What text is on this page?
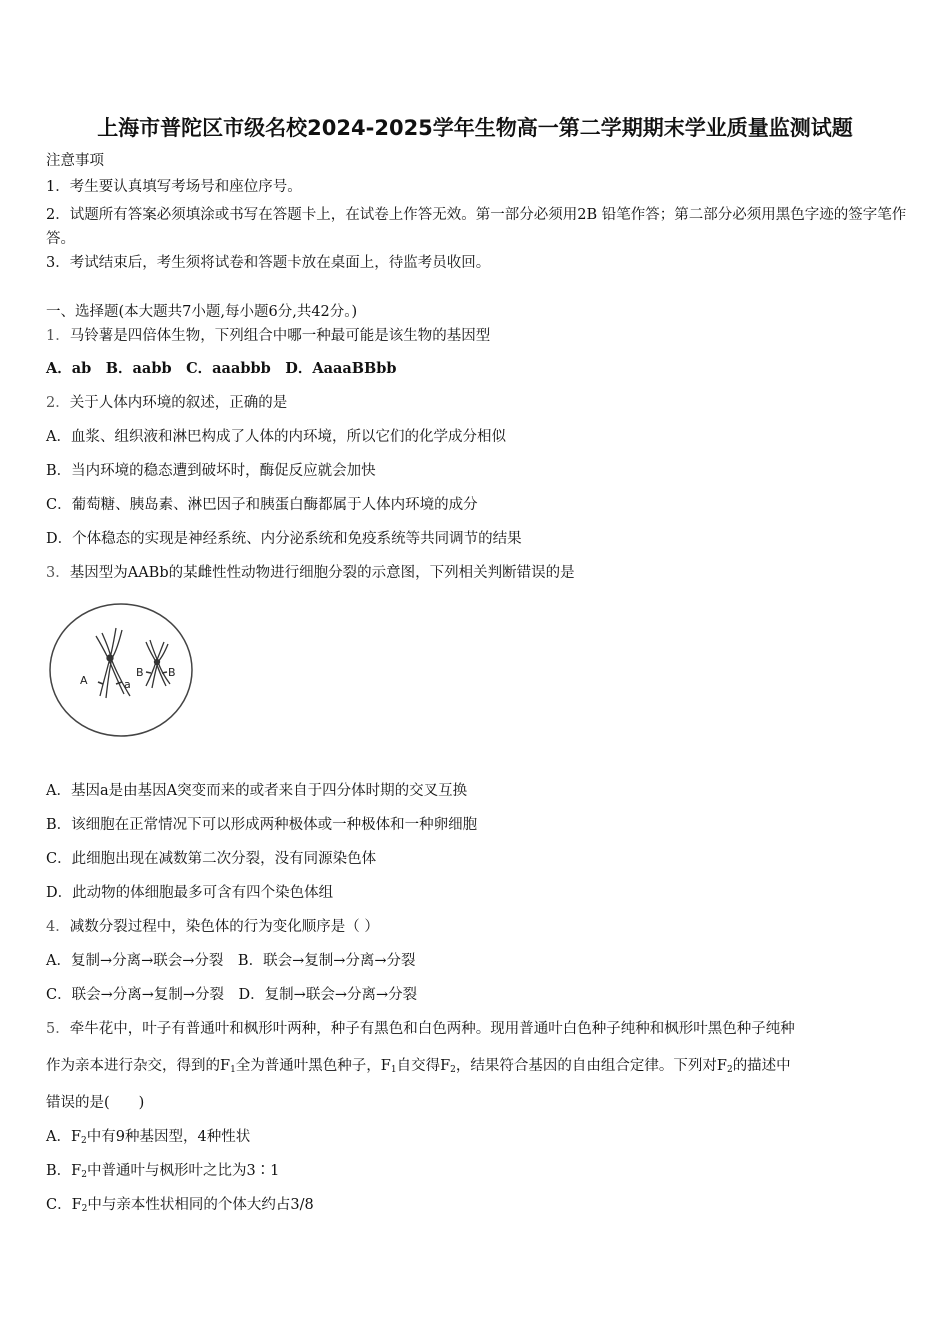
上海市普陀区市级名校2024-2025学年生物高一第二学期期末学业质量监测试题
注意事项
1．考生要认真填写考场号和座位序号。
2．试题所有答案必须填涂或书写在答题卡上，在试卷上作答无效。第一部分必须用2B 铅笔作答；第二部分必须用黑色字迹的签字笔作答。
3．考试结束后，考生须将试卷和答题卡放在桌面上，待监考员收回。
一、选择题(本大题共7小题,每小题6分,共42分。)
1．马铃薯是四倍体生物，下列组合中哪一种最可能是该生物的基因型
A．ab　B．aabb　C．aaabbb　D．AaaaBBbb
2．关于人体内环境的叙述，正确的是
A．血浆、组织液和淋巴构成了人体的内环境，所以它们的化学成分相似
B．当内环境的稳态遭到破坏时，酶促反应就会加快
C．葡萄糖、胰岛素、淋巴因子和胰蛋白酶都属于人体内环境的成分
D．个体稳态的实现是神经系统、内分泌系统和免疫系统等共同调节的结果
3．基因型为AABb的某雌性性动物进行细胞分裂的示意图，下列相关判断错误的是
A	a
B B
A．基因a是由基因A突变而来的或者来自于四分体时期的交叉互换
B．该细胞在正常情况下可以形成两种极体或一种极体和一种卵细胞
C．此细胞出现在减数第二次分裂，没有同源染色体
D．此动物的体细胞最多可含有四个染色体组
4．减数分裂过程中，染色体的行为变化顺序是（ ）
A．复制→分离→联会→分裂　B．联会→复制→分离→分裂
C．联会→分离→复制→分裂　D．复制→联会→分离→分裂
5．牵牛花中，叶子有普通叶和枫形叶两种，种子有黑色和白色两种。现用普通叶白色种子纯种和枫形叶黑色种子纯种
作为亲本进行杂交，得到的$F_1$全为普通叶黑色种子，$F_1$自交得$F_2$，结果符合基因的自由组合定律。下列对$F_2$的描述中
错误的是(　　)
A．$F_2$中有9种基因型，4种性状
B．$F_2$中普通叶与枫形叶之比为3∶1
C．$F_2$中与亲本性状相同的个体大约占3/8
